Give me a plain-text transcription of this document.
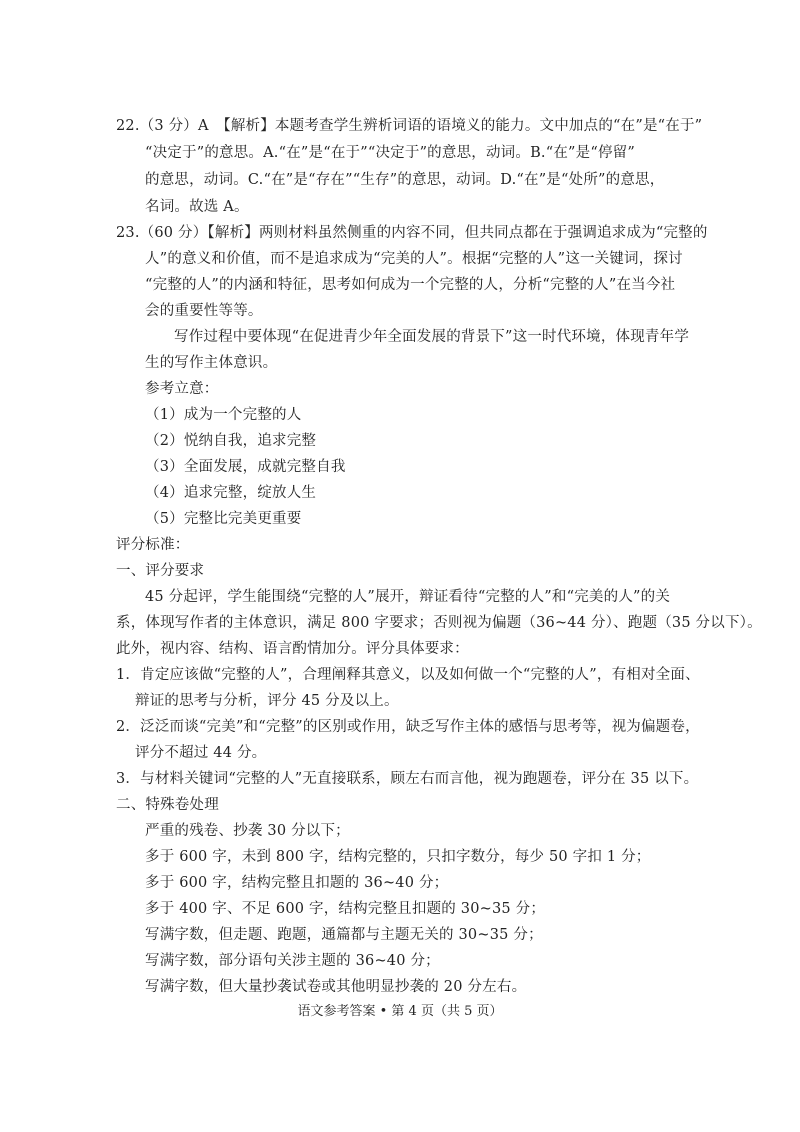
22.（3 分）A　【解析】本题考查学生辨析词语的语境义的能力。文中加点的“在”是“在于”
“决定于”的意思。A.“在”是“在于”“决定于”的意思，动词。B.“在”是“停留”
的意思，动词。C.“在”是“存在”“生存”的意思，动词。D.“在”是“处所”的意思，
名词。故选 A。
23.（60 分）【解析】两则材料虽然侧重的内容不同，但共同点都在于强调追求成为“完整的
人”的意义和价值，而不是追求成为“完美的人”。根据“完整的人”这一关键词，探讨
“完整的人”的内涵和特征，思考如何成为一个完整的人，分析“完整的人”在当今社
会的重要性等等。
写作过程中要体现“在促进青少年全面发展的背景下”这一时代环境，体现青年学
生的写作主体意识。
参考立意：
（1）成为一个完整的人
（2）悦纳自我，追求完整
（3）全面发展，成就完整自我
（4）追求完整，绽放人生
（5）完整比完美更重要
评分标准：
一、评分要求
45 分起评，学生能围绕“完整的人”展开，辩证看待“完整的人”和“完美的人”的关
系，体现写作者的主体意识，满足 800 字要求；否则视为偏题（36~44 分）、跑题（35 分以下）。
此外，视内容、结构、语言酌情加分。评分具体要求：
1．肯定应该做“完整的人”，合理阐释其意义，以及如何做一个“完整的人”，有相对全面、
辩证的思考与分析，评分 45 分及以上。
2．泛泛而谈“完美”和“完整”的区别或作用，缺乏写作主体的感悟与思考等，视为偏题卷，
评分不超过 44 分。
3．与材料关键词“完整的人”无直接联系，顾左右而言他，视为跑题卷，评分在 35 以下。
二、特殊卷处理
严重的残卷、抄袭 30 分以下；
多于 600 字，未到 800 字，结构完整的，只扣字数分，每少 50 字扣 1 分；
多于 600 字，结构完整且扣题的 36~40 分；
多于 400 字、不足 600 字，结构完整且扣题的 30~35 分；
写满字数，但走题、跑题，通篇都与主题无关的 30~35 分；
写满字数，部分语句关涉主题的 36~40 分；
写满字数，但大量抄袭试卷或其他明显抄袭的 20 分左右。
语文参考答案 • 第 4 页（共 5 页）
